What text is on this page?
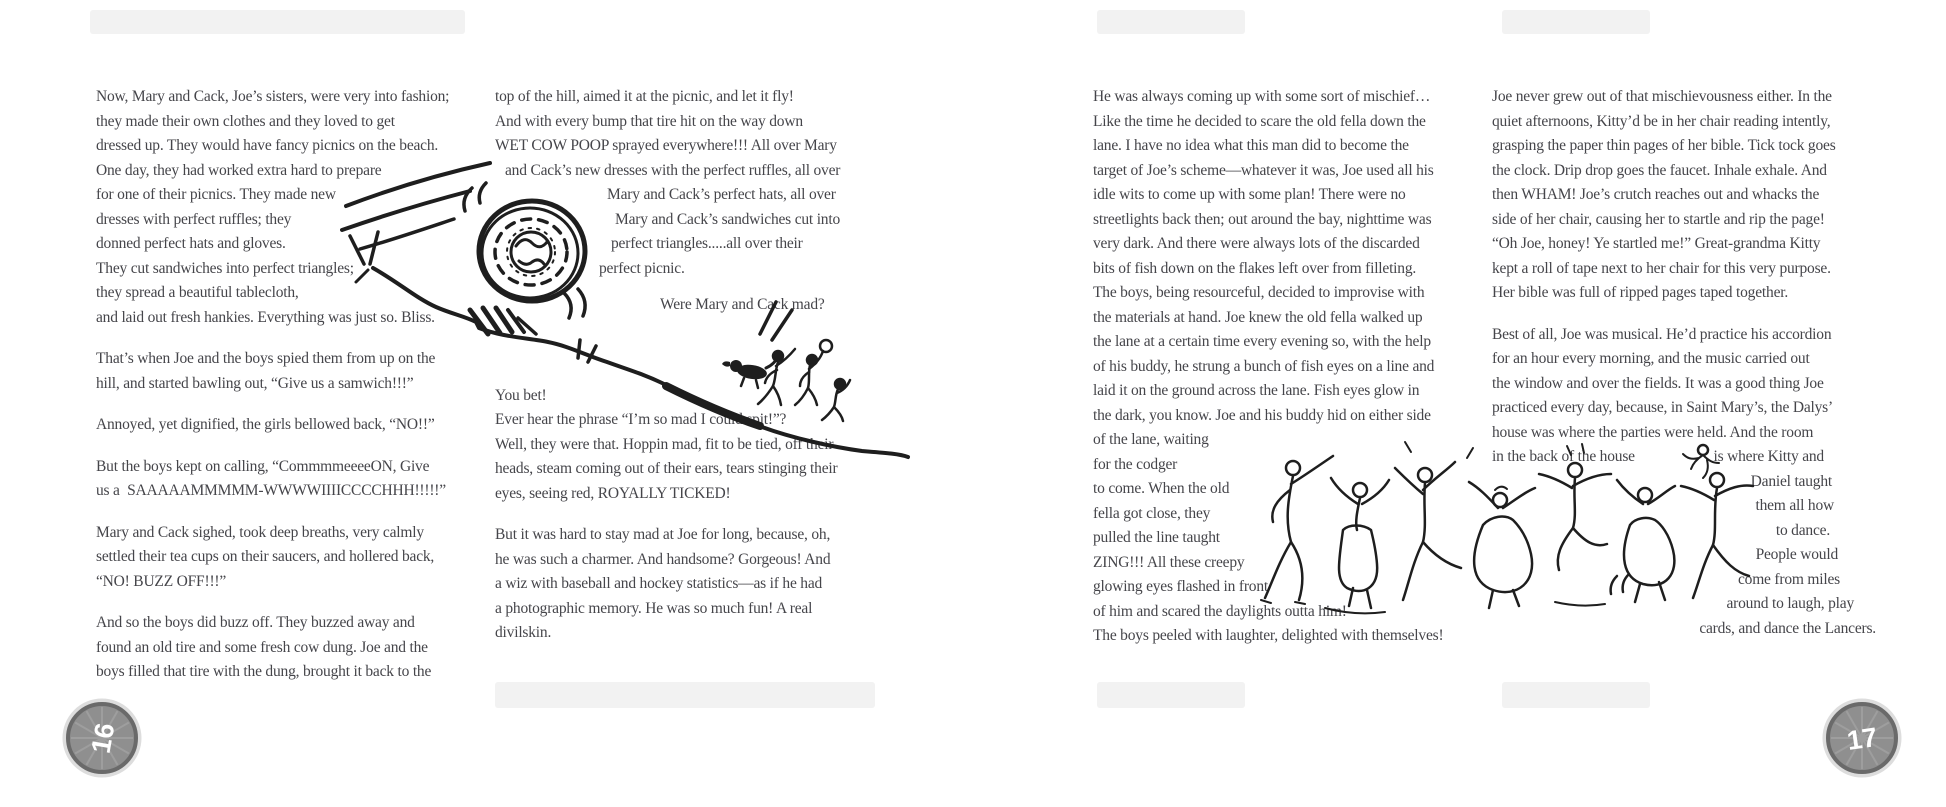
Now, Mary and Cack, Joe’s sisters, were very into fashion;
they made their own clothes and they loved to get
dressed up. They would have fancy picnics on the beach.
One day, they had worked extra hard to prepare
for one of their picnics. They made new
dresses with perfect ruffles; they
donned perfect hats and gloves.
They cut sandwiches into perfect triangles;
they spread a beautiful tablecloth,
and laid out fresh hankies. Everything was just so. Bliss.
That’s when Joe and the boys spied them from up on the
hill, and started bawling out, “Give us a samwich!!!”
Annoyed, yet dignified, the girls bellowed back, “NO!!”
But the boys kept on calling, “CommmmeeeeON, Give
us a  SAAAAAMMMMM-WWWWIIIICCCCHHH!!!!!”
Mary and Cack sighed, took deep breaths, very calmly
settled their tea cups on their saucers, and hollered back,
“NO! BUZZ OFF!!!”
And so the boys did buzz off. They buzzed away and
found an old tire and some fresh cow dung. Joe and the
boys filled that tire with the dung, brought it back to the
top of the hill, aimed it at the picnic, and let it fly!
And with every bump that tire hit on the way down
WET COW POOP sprayed everywhere!!! All over Mary
and Cack’s new dresses with the perfect ruffles, all over
Mary and Cack’s perfect hats, all over
Mary and Cack’s sandwiches cut into
perfect triangles.....all over their
perfect picnic.
Were Mary and Cack mad?
You bet!
Ever hear the phrase “I’m so mad I could spit!”?
Well, they were that. Hoppin mad, fit to be tied, off their
heads, steam coming out of their ears, tears stinging their
eyes, seeing red, ROYALLY TICKED!
But it was hard to stay mad at Joe for long, because, oh,
he was such a charmer. And handsome? Gorgeous! And
a wiz with baseball and hockey statistics—as if he had
a photographic memory. He was so much fun! A real
divilskin.
He was always coming up with some sort of mischief…
Like the time he decided to scare the old fella down the
lane. I have no idea what this man did to become the
target of Joe’s scheme—whatever it was, Joe used all his
idle wits to come up with some plan! There were no
streetlights back then; out around the bay, nighttime was
very dark. And there were always lots of the discarded
bits of fish down on the flakes left over from filleting.
The boys, being resourceful, decided to improvise with
the materials at hand. Joe knew the old fella walked up
the lane at a certain time every evening so, with the help
of his buddy, he strung a bunch of fish eyes on a line and
laid it on the ground across the lane. Fish eyes glow in
the dark, you know. Joe and his buddy hid on either side
of the lane, waiting
for the codger
to come. When the old
fella got close, they
pulled the line taught
ZING!!! All these creepy
glowing eyes flashed in front
of him and scared the daylights outta him!
The boys peeled with laughter, delighted with themselves!
Joe never grew out of that mischievousness either. In the
quiet afternoons, Kitty’d be in her chair reading intently,
grasping the paper thin pages of her bible. Tick tock goes
the clock. Drip drop goes the faucet. Inhale exhale. And
then WHAM! Joe’s crutch reaches out and whacks the
side of her chair, causing her to startle and rip the page!
“Oh Joe, honey! Ye startled me!” Great-grandma Kitty
kept a roll of tape next to her chair for this very purpose.
Her bible was full of ripped pages taped together.
Best of all, Joe was musical. He’d practice his accordion
for an hour every morning, and the music carried out
the window and over the fields. It was a good thing Joe
practiced every day, because, in Saint Mary’s, the Dalys’
house was where the parties were held. And the room
in the back of the house	is where Kitty and
Daniel taught
them all how
to dance.
People would
come from miles
around to laugh, play
cards, and dance the Lancers.
16	17
